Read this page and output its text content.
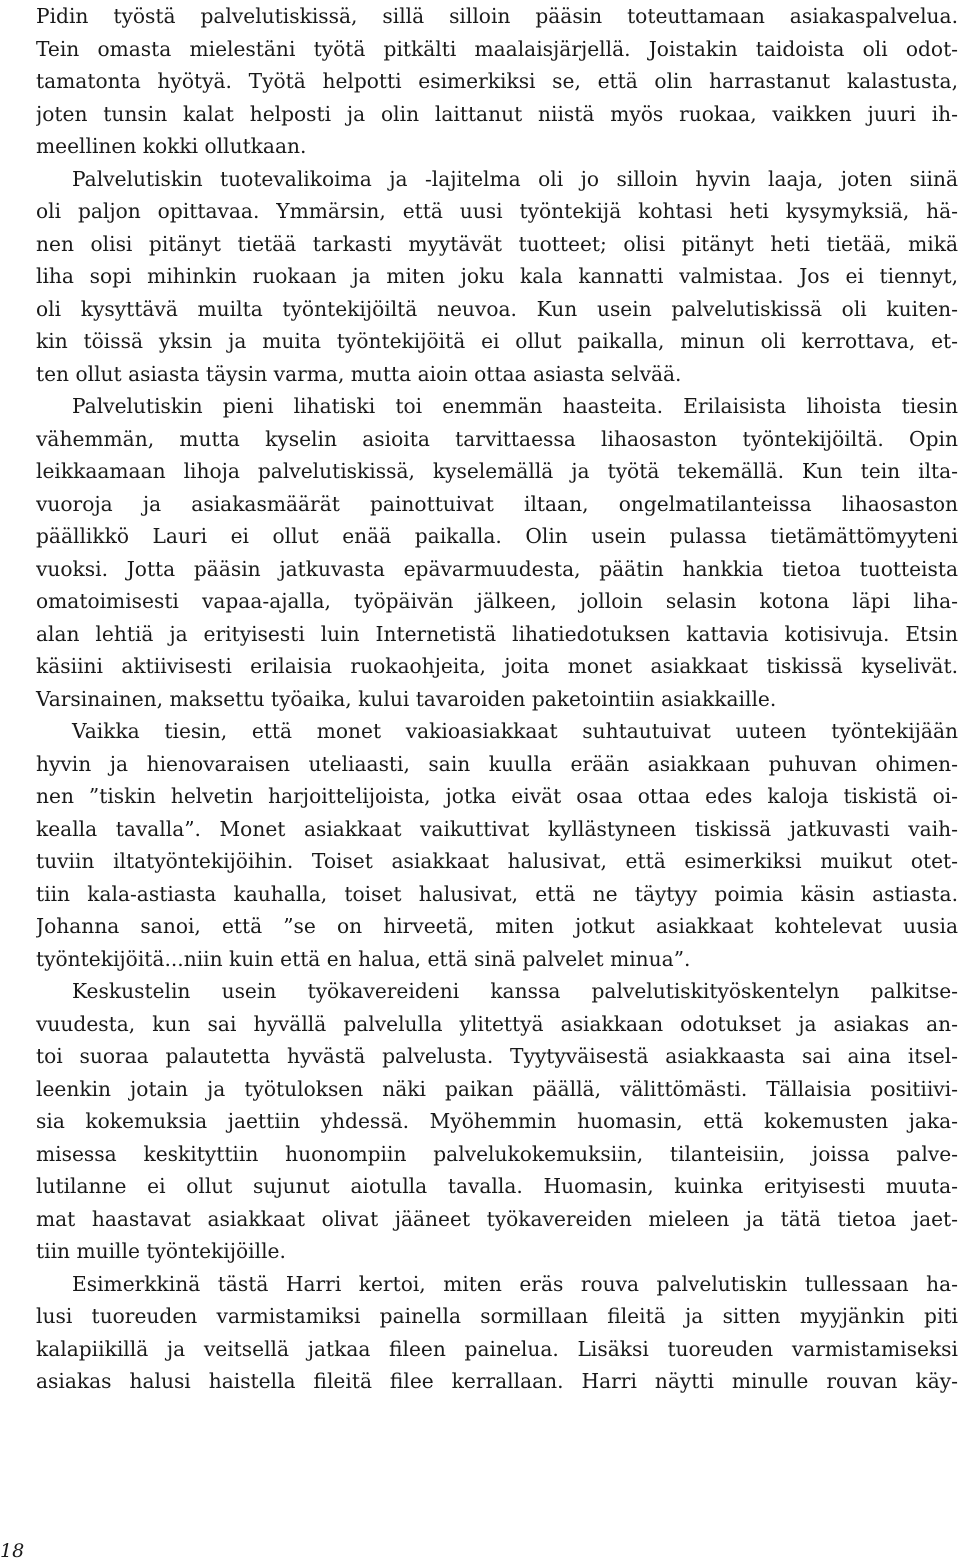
Pidin työstä palvelutiskissä, sillä silloin pääsin toteuttamaan asiakaspalvelua.
Tein omasta mielestäni työtä pitkälti maalaisjärjellä. Joistakin taidoista oli odot-
tamatonta hyötyä. Työtä helpotti esimerkiksi se, että olin harrastanut kalastusta,
joten tunsin kalat helposti ja olin laittanut niistä myös ruokaa, vaikken juuri ih-
meellinen kokki ollutkaan.
Palvelutiskin tuotevalikoima ja -lajitelma oli jo silloin hyvin laaja, joten siinä
oli paljon opittavaa. Ymmärsin, että uusi työntekijä kohtasi heti kysymyksiä, hä-
nen olisi pitänyt tietää tarkasti myytävät tuotteet; olisi pitänyt heti tietää, mikä
liha sopi mihinkin ruokaan ja miten joku kala kannatti valmistaa. Jos ei tiennyt,
oli kysyttävä muilta työntekijöiltä neuvoa. Kun usein palvelutiskissä oli kuiten-
kin töissä yksin ja muita työntekijöitä ei ollut paikalla, minun oli kerrottava, et-
ten ollut asiasta täysin varma, mutta aioin ottaa asiasta selvää.
Palvelutiskin pieni lihatiski toi enemmän haasteita. Erilaisista lihoista tiesin
vähemmän, mutta kyselin asioita tarvittaessa lihaosaston työntekijöiltä. Opin
leikkaamaan lihoja palvelutiskissä, kyselemällä ja työtä tekemällä. Kun tein ilta-
vuoroja ja asiakasmäärät painottuivat iltaan, ongelmatilanteissa lihaosaston
päällikkö Lauri ei ollut enää paikalla. Olin usein pulassa tietämättömyyteni
vuoksi. Jotta pääsin jatkuvasta epävarmuudesta, päätin hankkia tietoa tuotteista
omatoimisesti vapaa-ajalla, työpäivän jälkeen, jolloin selasin kotona läpi liha-
alan lehtiä ja erityisesti luin Internetistä lihatiedotuksen kattavia kotisivuja. Etsin
käsiini aktiivisesti erilaisia ruokaohjeita, joita monet asiakkaat tiskissä kyselivät.
Varsinainen, maksettu työaika, kului tavaroiden paketointiin asiakkaille.
Vaikka tiesin, että monet vakioasiakkaat suhtautuivat uuteen työntekijään
hyvin ja hienovaraisen uteliaasti, sain kuulla erään asiakkaan puhuvan ohimen-
nen ”tiskin helvetin harjoittelijoista, jotka eivät osaa ottaa edes kaloja tiskistä oi-
kealla tavalla”. Monet asiakkaat vaikuttivat kyllästyneen tiskissä jatkuvasti vaih-
tuviin iltatyöntekijöihin. Toiset asiakkaat halusivat, että esimerkiksi muikut otet-
tiin kala-astiasta kauhalla, toiset halusivat, että ne täytyy poimia käsin astiasta.
Johanna sanoi, että ”se on hirveetä, miten jotkut asiakkaat kohtelevat uusia
työntekijöitä...niin kuin että en halua, että sinä palvelet minua”.
Keskustelin usein työkavereideni kanssa palvelutiskityöskentelyn palkitse-
vuudesta, kun sai hyvällä palvelulla ylitettyä asiakkaan odotukset ja asiakas an-
toi suoraa palautetta hyvästä palvelusta. Tyytyväisestä asiakkaasta sai aina itsel-
leenkin jotain ja työtuloksen näki paikan päällä, välittömästi. Tällaisia positiivi-
sia kokemuksia jaettiin yhdessä. Myöhemmin huomasin, että kokemusten jaka-
misessa keskityttiin huonompiin palvelukokemuksiin, tilanteisiin, joissa palve-
lutilanne ei ollut sujunut aiotulla tavalla. Huomasin, kuinka erityisesti muuta-
mat haastavat asiakkaat olivat jääneet työkavereiden mieleen ja tätä tietoa jaet-
tiin muille työntekijöille.
Esimerkkinä tästä Harri kertoi, miten eräs rouva palvelutiskin tullessaan ha-
lusi tuoreuden varmistamiksi painella sormillaan fileitä ja sitten myyjänkin piti
kalapiikillä ja veitsellä jatkaa fileen painelua. Lisäksi tuoreuden varmistamiseksi
asiakas halusi haistella fileitä filee kerrallaan. Harri näytti minulle rouvan käy-
18
